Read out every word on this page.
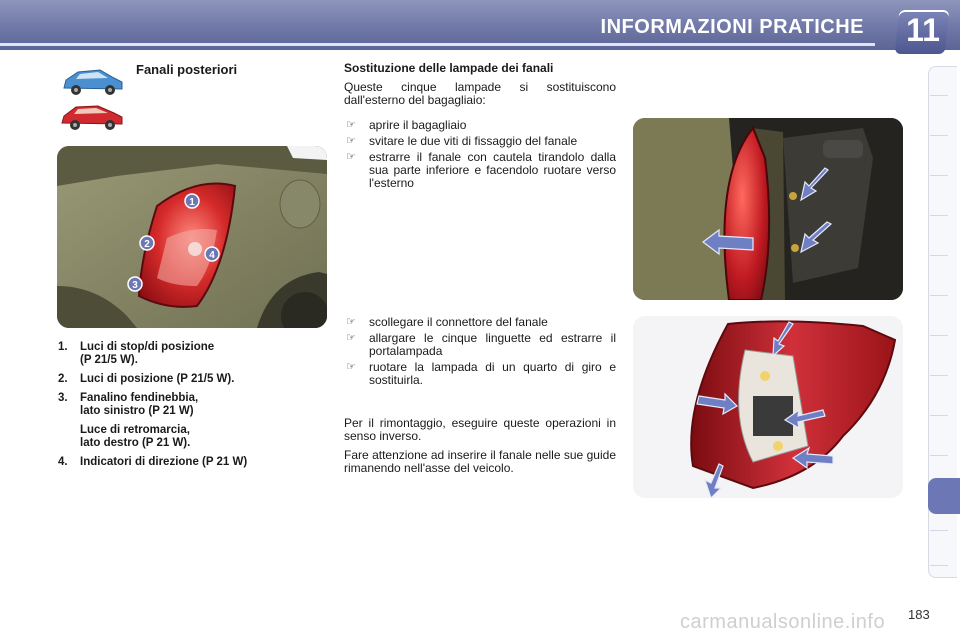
INFORMAZIONI PRATICHE 11
Fanali posteriori
1
2
3
4
1. Luci di stop/di posizione
(P 21/5 W).
2. Luci di posizione (P 21/5 W).
3. Fanalino fendinebbia,
lato sinistro (P 21 W)
Luce di retromarcia,
lato destro (P 21 W).
4. Indicatori di direzione (P 21 W)
Sostituzione delle lampade dei fanali

Queste cinque lampade si sostituiscono dall'esterno del bagagliaio:

☞ aprire il bagagliaio
☞ svitare le due viti di fissaggio del fanale
☞ estrarre il fanale con cautela tirandolo dalla sua parte inferiore e facendolo ruotare verso l'esterno
☞ scollegare il connettore del fanale
☞ allargare le cinque linguette ed estrarre il portalampada
☞ ruotare la lampada di un quarto di giro e sostituirla.

Per il rimontaggio, eseguire queste operazioni in senso inverso.

Fare attenzione ad inserire il fanale nelle sue guide rimanendo nell'asse del veicolo.

carmanualsonline.info 183
